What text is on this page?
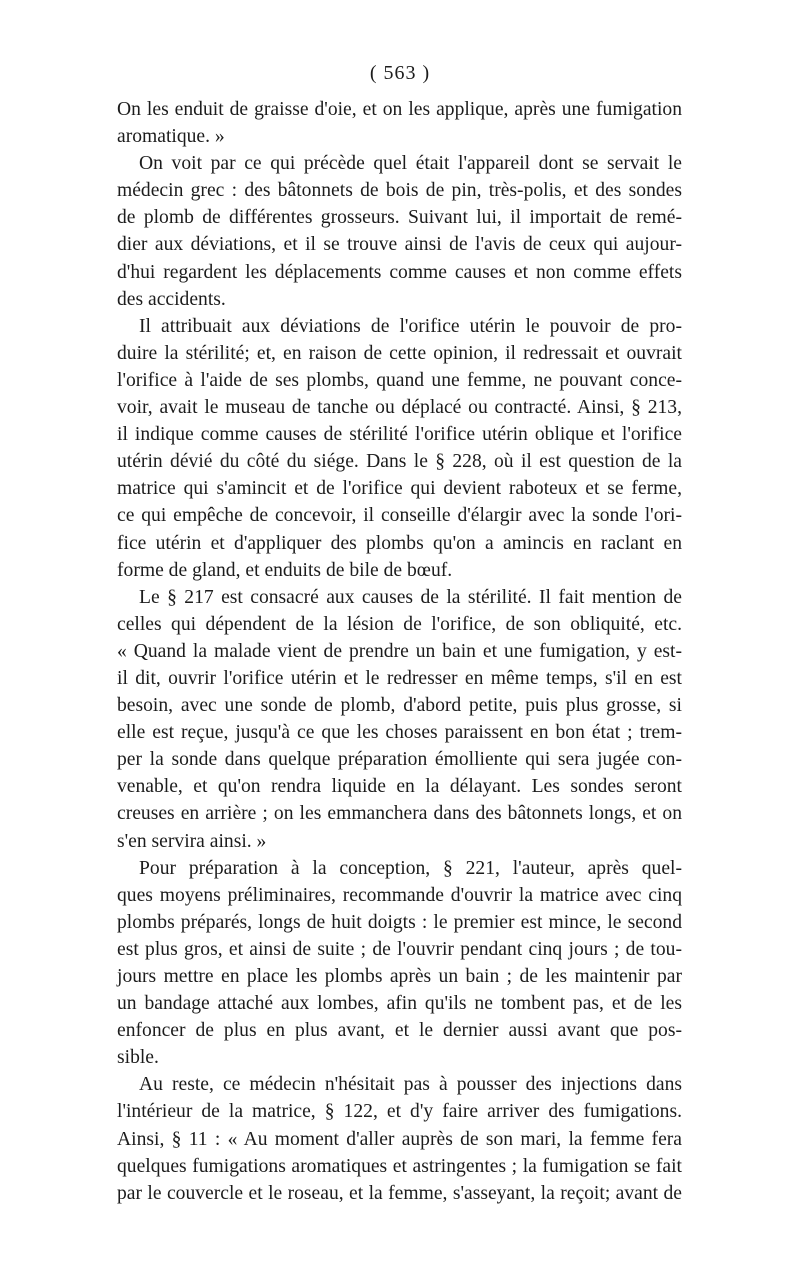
( 563 )
On les enduit de graisse d'oie, et on les applique, après une fumigation
aromatique. »
On voit par ce qui précède quel était l'appareil dont se servait le
médecin grec : des bâtonnets de bois de pin, très-polis, et des sondes
de plomb de différentes grosseurs. Suivant lui, il importait de remé-
dier aux déviations, et il se trouve ainsi de l'avis de ceux qui aujour-
d'hui regardent les déplacements comme causes et non comme effets
des accidents.
Il attribuait aux déviations de l'orifice utérin le pouvoir de pro-
duire la stérilité; et, en raison de cette opinion, il redressait et ouvrait
l'orifice à l'aide de ses plombs, quand une femme, ne pouvant conce-
voir, avait le museau de tanche ou déplacé ou contracté. Ainsi, § 213,
il indique comme causes de stérilité l'orifice utérin oblique et l'orifice
utérin dévié du côté du siége. Dans le § 228, où il est question de la
matrice qui s'amincit et de l'orifice qui devient raboteux et se ferme,
ce qui empêche de concevoir, il conseille d'élargir avec la sonde l'ori-
fice utérin et d'appliquer des plombs qu'on a amincis en raclant en
forme de gland, et enduits de bile de bœuf.
Le § 217 est consacré aux causes de la stérilité. Il fait mention de
celles qui dépendent de la lésion de l'orifice, de son obliquité, etc.
« Quand la malade vient de prendre un bain et une fumigation, y est-
il dit, ouvrir l'orifice utérin et le redresser en même temps, s'il en est
besoin, avec une sonde de plomb, d'abord petite, puis plus grosse, si
elle est reçue, jusqu'à ce que les choses paraissent en bon état ; trem-
per la sonde dans quelque préparation émolliente qui sera jugée con-
venable, et qu'on rendra liquide en la délayant. Les sondes seront
creuses en arrière ; on les emmanchera dans des bâtonnets longs, et on
s'en servira ainsi. »
Pour préparation à la conception, § 221, l'auteur, après quel-
ques moyens préliminaires, recommande d'ouvrir la matrice avec cinq
plombs préparés, longs de huit doigts : le premier est mince, le second
est plus gros, et ainsi de suite ; de l'ouvrir pendant cinq jours ; de tou-
jours mettre en place les plombs après un bain ; de les maintenir par
un bandage attaché aux lombes, afin qu'ils ne tombent pas, et de les
enfoncer de plus en plus avant, et le dernier aussi avant que pos-
sible.
Au reste, ce médecin n'hésitait pas à pousser des injections dans
l'intérieur de la matrice, § 122, et d'y faire arriver des fumigations.
Ainsi, § 11 : « Au moment d'aller auprès de son mari, la femme fera
quelques fumigations aromatiques et astringentes ; la fumigation se fait
par le couvercle et le roseau, et la femme, s'asseyant, la reçoit; avant de
